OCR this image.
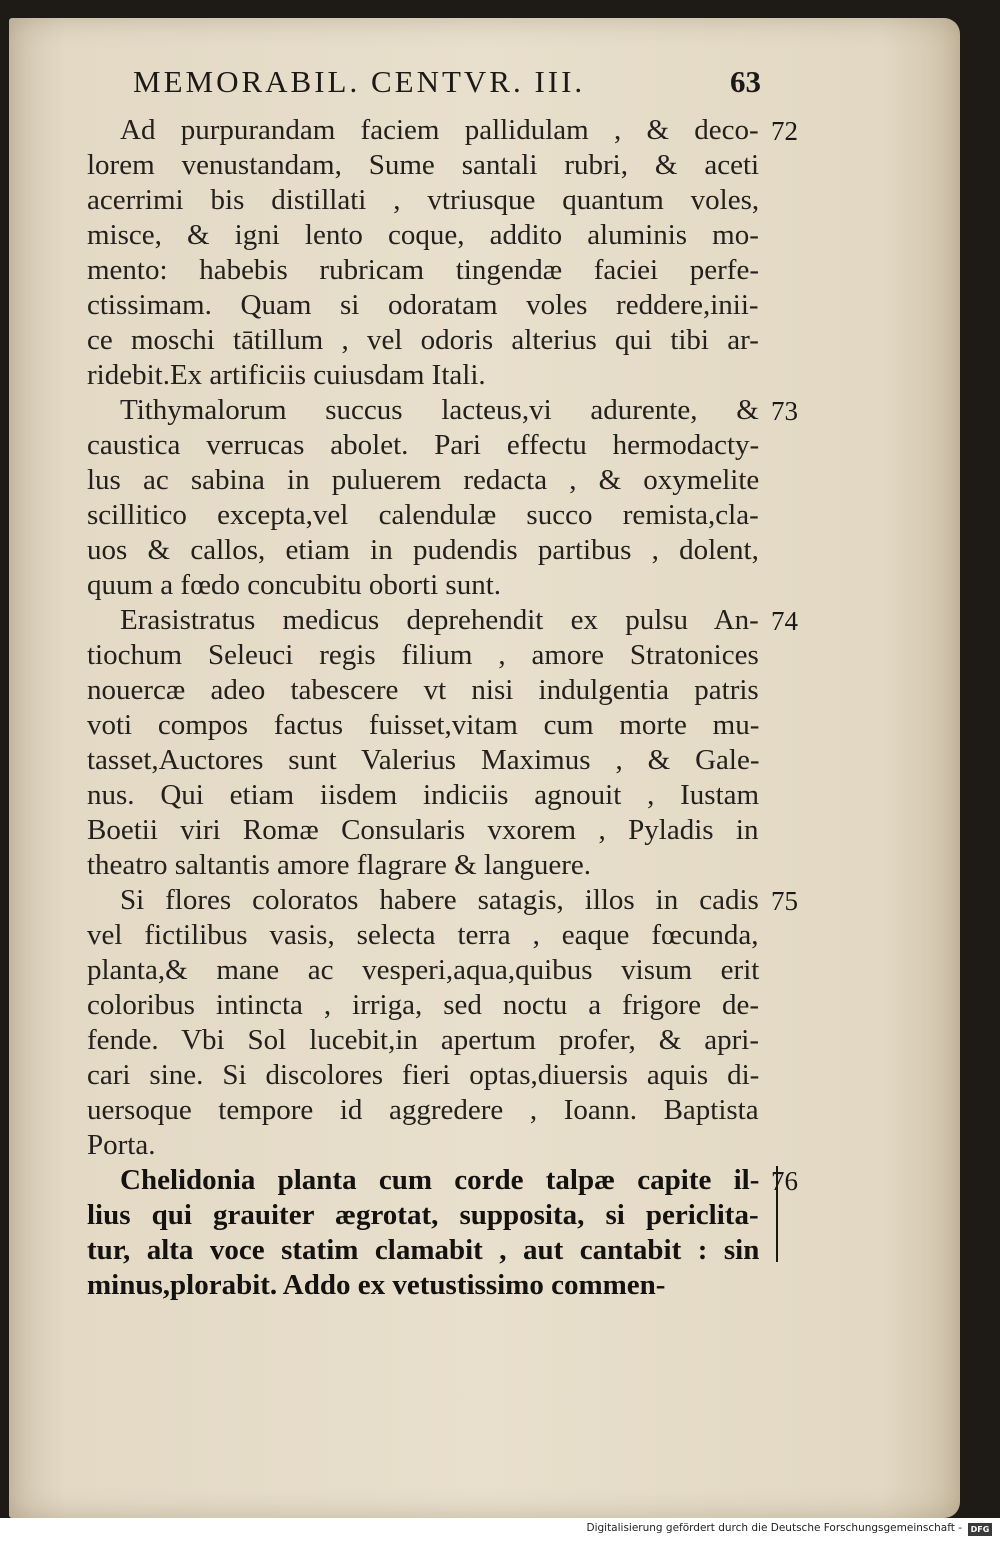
MEMORABIL. CENTVR. III.	63
Ad purpurandam faciem pallidulam , & deco-
lorem venustandam, Sume santali rubri, & aceti
acerrimi bis distillati , vtriusque quantum voles,
misce, & igni lento coque, addito aluminis mo-
mento: habebis rubricam tingendæ faciei perfe-
ctissimam. Quam si odoratam voles reddere,inii-
ce moschi tātillum , vel odoris alterius qui tibi ar-
ridebit.Ex artificiis cuiusdam Itali.
72
Tithymalorum succus lacteus,vi adurente, &
caustica verrucas abolet. Pari effectu hermodacty-
lus ac sabina in puluerem redacta , & oxymelite
scillitico excepta,vel calendulæ succo remista,cla-
uos & callos, etiam in pudendis partibus , dolent,
quum a fœdo concubitu oborti sunt.
73
Erasistratus medicus deprehendit ex pulsu An-
tiochum Seleuci regis filium , amore Stratonices
nouercæ adeo tabescere vt nisi indulgentia patris
voti compos factus fuisset,vitam cum morte mu-
tasset,Auctores sunt Valerius Maximus , & Gale-
nus. Qui etiam iisdem indiciis agnouit , Iustam
Boetii viri Romæ Consularis vxorem , Pyladis in
theatro saltantis amore flagrare & languere.
74
Si flores coloratos habere satagis, illos in cadis
vel fictilibus vasis, selecta terra , eaque fœcunda,
planta,& mane ac vesperi,aqua,quibus visum erit
coloribus intincta , irriga, sed noctu a frigore de-
fende. Vbi Sol lucebit,in apertum profer, & apri-
cari sine. Si discolores fieri optas,diuersis aquis di-
uersoque tempore id aggredere , Ioann. Baptista
Porta.
75
Chelidonia planta cum corde talpæ capite il-
lius qui grauiter ægrotat, supposita, si periclita-
tur, alta voce statim clamabit , aut cantabit : sin
minus,plorabit. Addo ex vetustissimo commen-
76
Digitalisierung gefördert durch die Deutsche Forschungsgemeinschaft -	DFG
